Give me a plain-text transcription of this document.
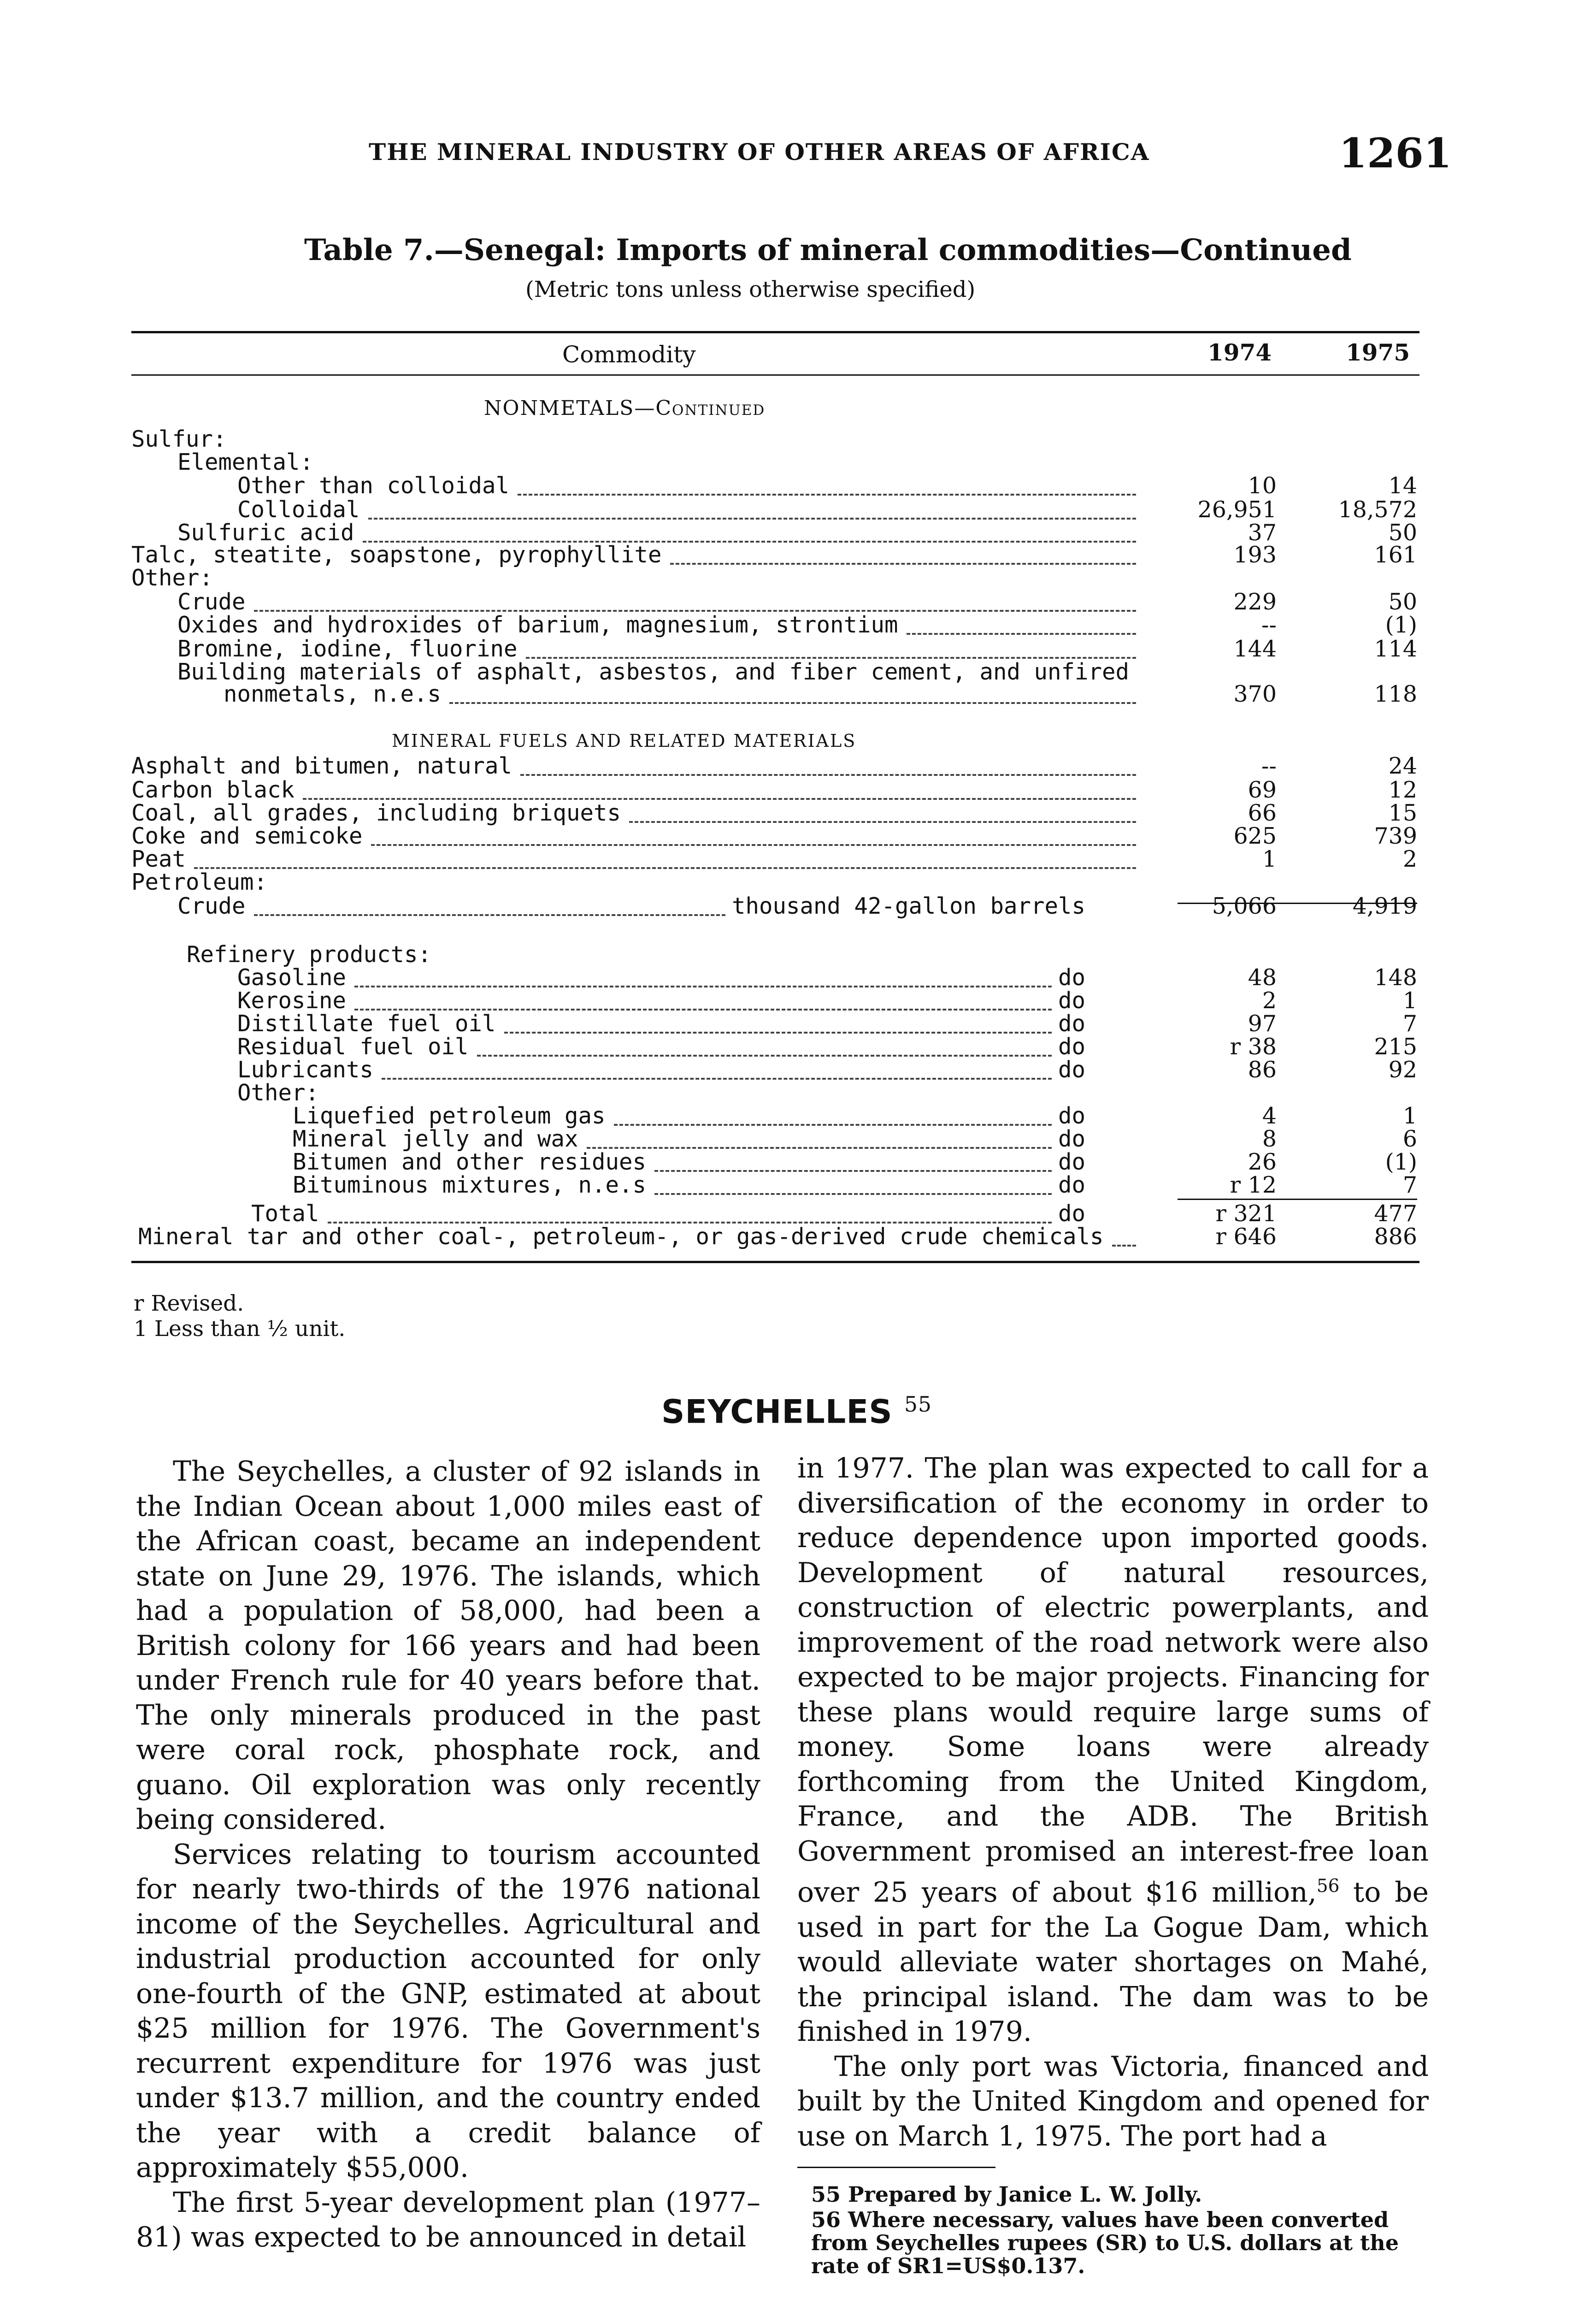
THE MINERAL INDUSTRY OF OTHER AREAS OF AFRICA	1261
Table 7.—Senegal: Imports of mineral commodities—Continued
(Metric tons unless otherwise specified)
Commodity	1974	1975
NONMETALS—Continued
MINERAL FUELS AND RELATED MATERIALS
Sulfur:
Elemental:
Other than colloidal	10	14
Colloidal	26,951	18,572
Sulfuric acid	37	50
Talc, steatite, soapstone, pyrophyllite	193	161
Other:
Crude	229	50
Oxides and hydroxides of barium, magnesium, strontium	--	(1)
Bromine, iodine, fluorine	144	114
Building materials of asphalt, asbestos, and fiber cement, and unfired
nonmetals, n.e.s	370	118
Asphalt and bitumen, natural	--	24
Carbon black	69	12
Coal, all grades, including briquets	66	15
Coke and semicoke	625	739
Peat	1	2
Petroleum:
Crude	thousand 42-gallon barrels	5,066	4,919
Refinery products:
Gasoline	do	48	148
Kerosine	do	2	1
Distillate fuel oil	do	97	7
Residual fuel oil	do	r 38	215
Lubricants	do	86	92
Other:
Liquefied petroleum gas	do	4	1
Mineral jelly and wax	do	8	6
Bitumen and other residues	do	26	(1)
Bituminous mixtures, n.e.s	do	r 12	7
Total	do	r 321	477
Mineral tar and other coal-, petroleum-, or gas-derived crude chemicals	r 646	886
r Revised.
1 Less than ½ unit.
SEYCHELLES $^{55}$

The Seychelles, a cluster of 92 islands in the Indian Ocean about 1,000 miles east of the African coast, became an independent state on June 29, 1976. The islands, which had a population of 58,000, had been a British colony for 166 years and had been under French rule for 40 years before that. The only minerals produced in the past were coral rock, phosphate rock, and guano. Oil exploration was only recently being considered.

Services relating to tourism accounted for nearly two-thirds of the 1976 national income of the Seychelles. Agricultural and industrial production accounted for only one-fourth of the GNP, estimated at about $25 million for 1976. The Government's recurrent expenditure for 1976 was just under $13.7 million, and the country ended the year with a credit balance of approximately $55,000.

The first 5-year development plan (1977–81) was expected to be announced in detail

in 1977. The plan was expected to call for a diversification of the economy in order to reduce dependence upon imported goods. Development of natural resources, construction of electric powerplants, and improvement of the road network were also expected to be major projects. Financing for these plans would require large sums of money. Some loans were already forthcoming from the United Kingdom, France, and the ADB. The British Government promised an interest-free loan over 25 years of about $16 million,$^{56}$ to be used in part for the La Gogue Dam, which would alleviate water shortages on Mahé, the principal island. The dam was to be finished in 1979.

The only port was Victoria, financed and built by the United Kingdom and opened for use on March 1, 1975. The port had a

55 Prepared by Janice L. W. Jolly.
56 Where necessary, values have been converted from Seychelles rupees (SR) to U.S. dollars at the rate of SR1=US$0.137.
